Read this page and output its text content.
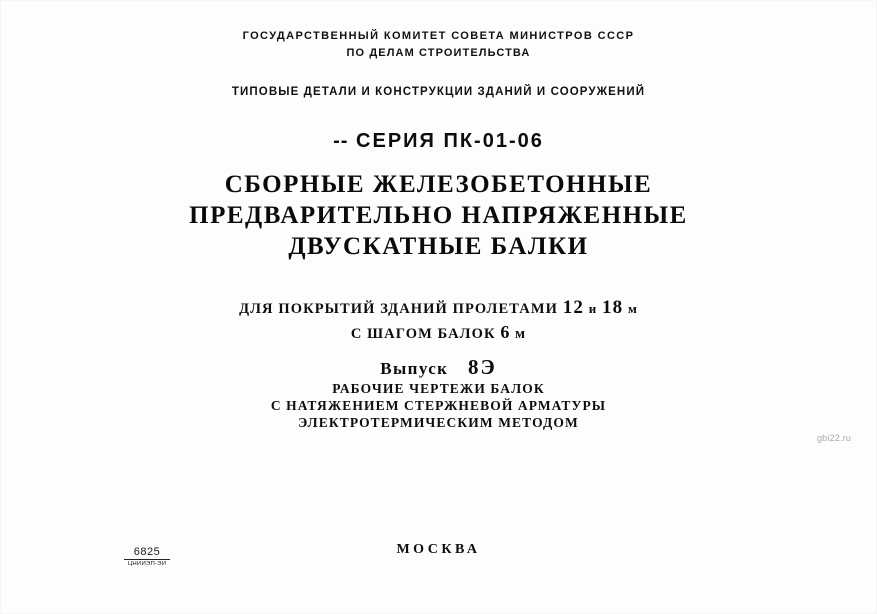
ГОСУДАРСТВЕННЫЙ КОМИТЕТ СОВЕТА МИНИСТРОВ СССР
ПО ДЕЛАМ СТРОИТЕЛЬСТВА
ТИПОВЫЕ ДЕТАЛИ И КОНСТРУКЦИИ ЗДАНИЙ И СООРУЖЕНИЙ
-- СЕРИЯ ПК-01-06
СБОРНЫЕ ЖЕЛЕЗОБЕТОННЫЕ
ПРЕДВАРИТЕЛЬНО НАПРЯЖЕННЫЕ
ДВУСКАТНЫЕ БАЛКИ
ДЛЯ ПОКРЫТИЙ ЗДАНИЙ ПРОЛЕТАМИ 12 и 18 м
С ШАГОМ БАЛОК 6 м
Выпуск 8Э
РАБОЧИЕ ЧЕРТЕЖИ БАЛОК
С НАТЯЖЕНИЕМ СТЕРЖНЕВОЙ АРМАТУРЫ
ЭЛЕКТРОТЕРМИЧЕСКИМ МЕТОДОМ
МОСКВА
6825
ЦНИИЭП-ЭИ
gbi22.ru
